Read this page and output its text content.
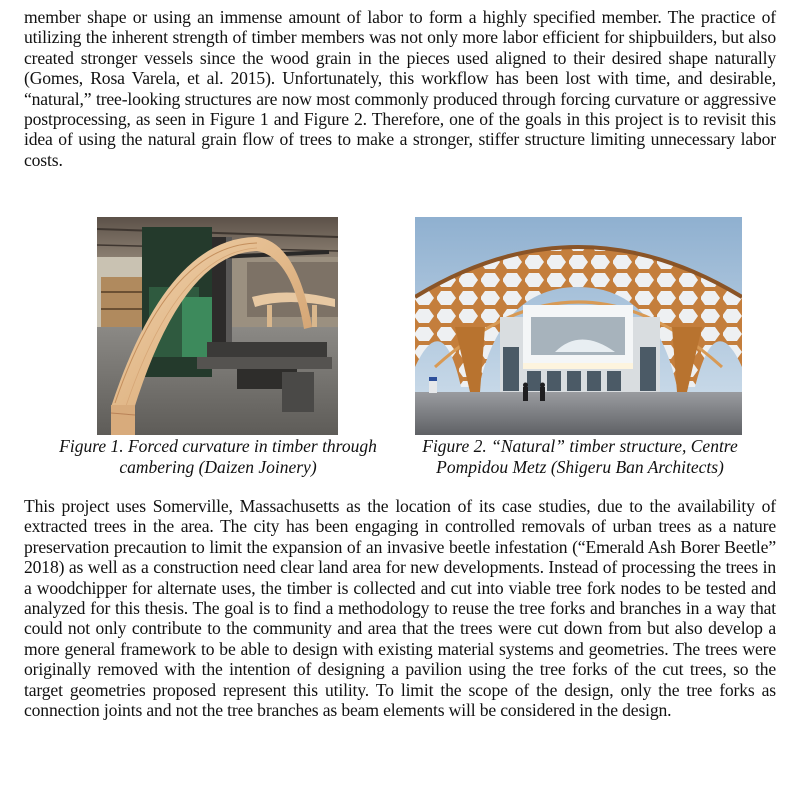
member shape or using an immense amount of labor to form a highly specified member. The practice of utilizing the inherent strength of timber members was not only more labor efficient for shipbuilders, but also created stronger vessels since the wood grain in the pieces used aligned to their desired shape naturally (Gomes, Rosa Varela, et al. 2015). Unfortunately, this workflow has been lost with time, and desirable, “natural,” tree-looking structures are now most commonly produced through forcing curvature or aggressive postprocessing, as seen in Figure 1 and Figure 2. Therefore, one of the goals in this project is to revisit this idea of using the natural grain flow of trees to make a stronger, stiffer structure limiting unnecessary labor costs.

Figure 1. Forced curvature in timber through cambering (Daizen Joinery)

Figure 2. “Natural” timber structure, Centre Pompidou Metz (Shigeru Ban Architects)

This project uses Somerville, Massachusetts as the location of its case studies, due to the availability of extracted trees in the area. The city has been engaging in controlled removals of urban trees as a nature preservation precaution to limit the expansion of an invasive beetle infestation (“Emerald Ash Borer Beetle” 2018) as well as a construction need clear land area for new developments. Instead of processing the trees in a woodchipper for alternate uses, the timber is collected and cut into viable tree fork nodes to be tested and analyzed for this thesis. The goal is to find a methodology to reuse the tree forks and branches in a way that could not only contribute to the community and area that the trees were cut down from but also develop a more general framework to be able to design with existing material systems and geometries. The trees were originally removed with the intention of designing a pavilion using the tree forks of the cut trees, so the target geometries proposed represent this utility. To limit the scope of the design, only the tree forks as connection joints and not the tree branches as beam elements will be considered in the design.
